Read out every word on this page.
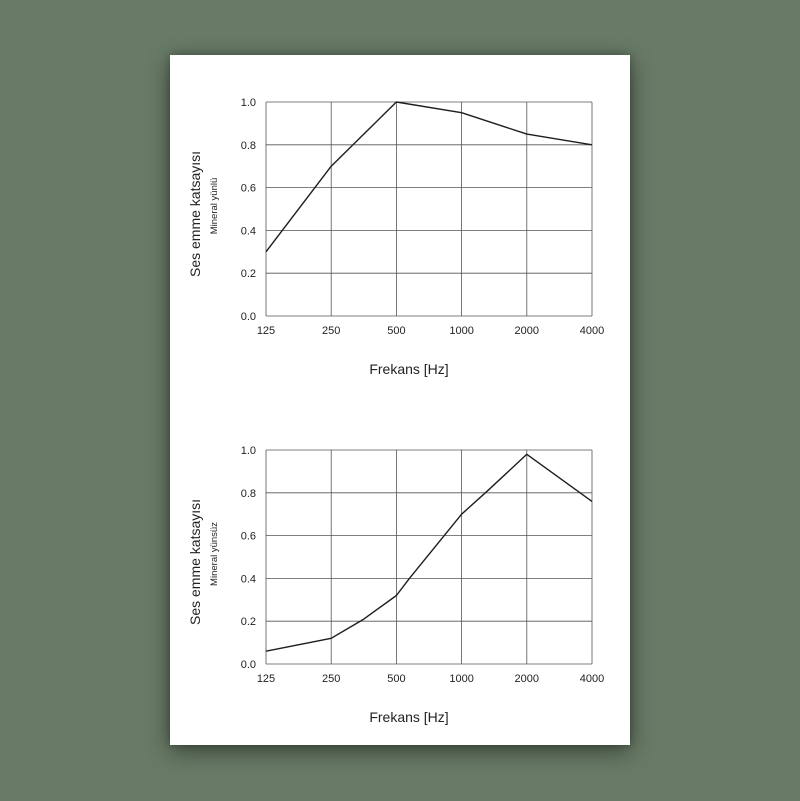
0.0
0.2
0.4
0.6
0.8
1.0
125	250	500	1000	2000	4000
Frekans [Hz]
Ses emme katsayısı Mineral yünlü
0.0
0.2
0.4
0.6
0.8
1.0
125	250	500	1000	2000	4000
Frekans [Hz]
Ses emme katsayısı Mineral yünsüz
